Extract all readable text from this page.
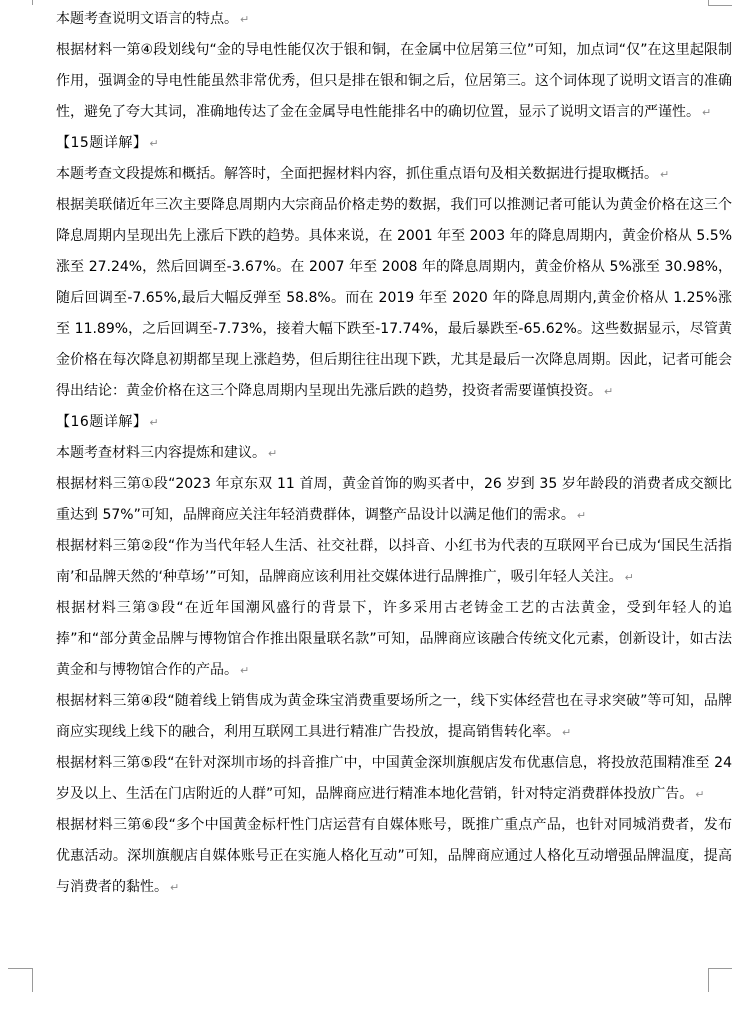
本题考查说明文语言的特点。 ↵

根据材料一第④段划线句“金的导电性能仅次于银和铜，在金属中位居第三位”可知，加点词“仅”在这里起限制作用，强调金的导电性能虽然非常优秀，但只是排在银和铜之后，位居第三。这个词体现了说明文语言的准确性，避免了夸大其词，准确地传达了金在金属导电性能排名中的确切位置，显示了说明文语言的严谨性。 ↵

【15题详解】 ↵

本题考查文段提炼和概括。解答时，全面把握材料内容，抓住重点语句及相关数据进行提取概括。 ↵

根据美联储近年三次主要降息周期内大宗商品价格走势的数据，我们可以推测记者可能认为黄金价格在这三个降息周期内呈现出先上涨后下跌的趋势。具体来说，在 2001 年至 2003 年的降息周期内，黄金价格从 5.5%涨至 27.24%，然后回调至-3.67%。在 2007 年至 2008 年的降息周期内，黄金价格从 5%涨至 30.98%，随后回调至-7.65%,最后大幅反弹至 58.8%。而在 2019 年至 2020 年的降息周期内,黄金价格从 1.25%涨至 11.89%，之后回调至-7.73%，接着大幅下跌至-17.74%，最后暴跌至-65.62%。这些数据显示，尽管黄金价格在每次降息初期都呈现上涨趋势，但后期往往出现下跌，尤其是最后一次降息周期。因此，记者可能会得出结论：黄金价格在这三个降息周期内呈现出先涨后跌的趋势，投资者需要谨慎投资。 ↵

【16题详解】 ↵

本题考查材料三内容提炼和建议。 ↵

根据材料三第①段“2023 年京东双 11 首周，黄金首饰的购买者中，26 岁到 35 岁年龄段的消费者成交额比重达到 57%”可知，品牌商应关注年轻消费群体，调整产品设计以满足他们的需求。 ↵

根据材料三第②段“作为当代年轻人生活、社交社群，以抖音、小红书为代表的互联网平台已成为‘国民生活指南’和品牌天然的‘种草场’”可知，品牌商应该利用社交媒体进行品牌推广，吸引年轻人关注。 ↵

根据材料三第③段“在近年国潮风盛行的背景下，许多采用古老铸金工艺的古法黄金，受到年轻人的追捧”和“部分黄金品牌与博物馆合作推出限量联名款”可知，品牌商应该融合传统文化元素，创新设计，如古法黄金和与博物馆合作的产品。 ↵

根据材料三第④段“随着线上销售成为黄金珠宝消费重要场所之一，线下实体经营也在寻求突破”等可知，品牌商应实现线上线下的融合，利用互联网工具进行精准广告投放，提高销售转化率。 ↵

根据材料三第⑤段“在针对深圳市场的抖音推广中，中国黄金深圳旗舰店发布优惠信息，将投放范围精准至 24 岁及以上、生活在门店附近的人群”可知，品牌商应进行精准本地化营销，针对特定消费群体投放广告。 ↵

根据材料三第⑥段“多个中国黄金标杆性门店运营有自媒体账号，既推广重点产品，也针对同城消费者，发布优惠活动。深圳旗舰店自媒体账号正在实施人格化互动”可知，品牌商应通过人格化互动增强品牌温度，提高与消费者的黏性。 ↵
